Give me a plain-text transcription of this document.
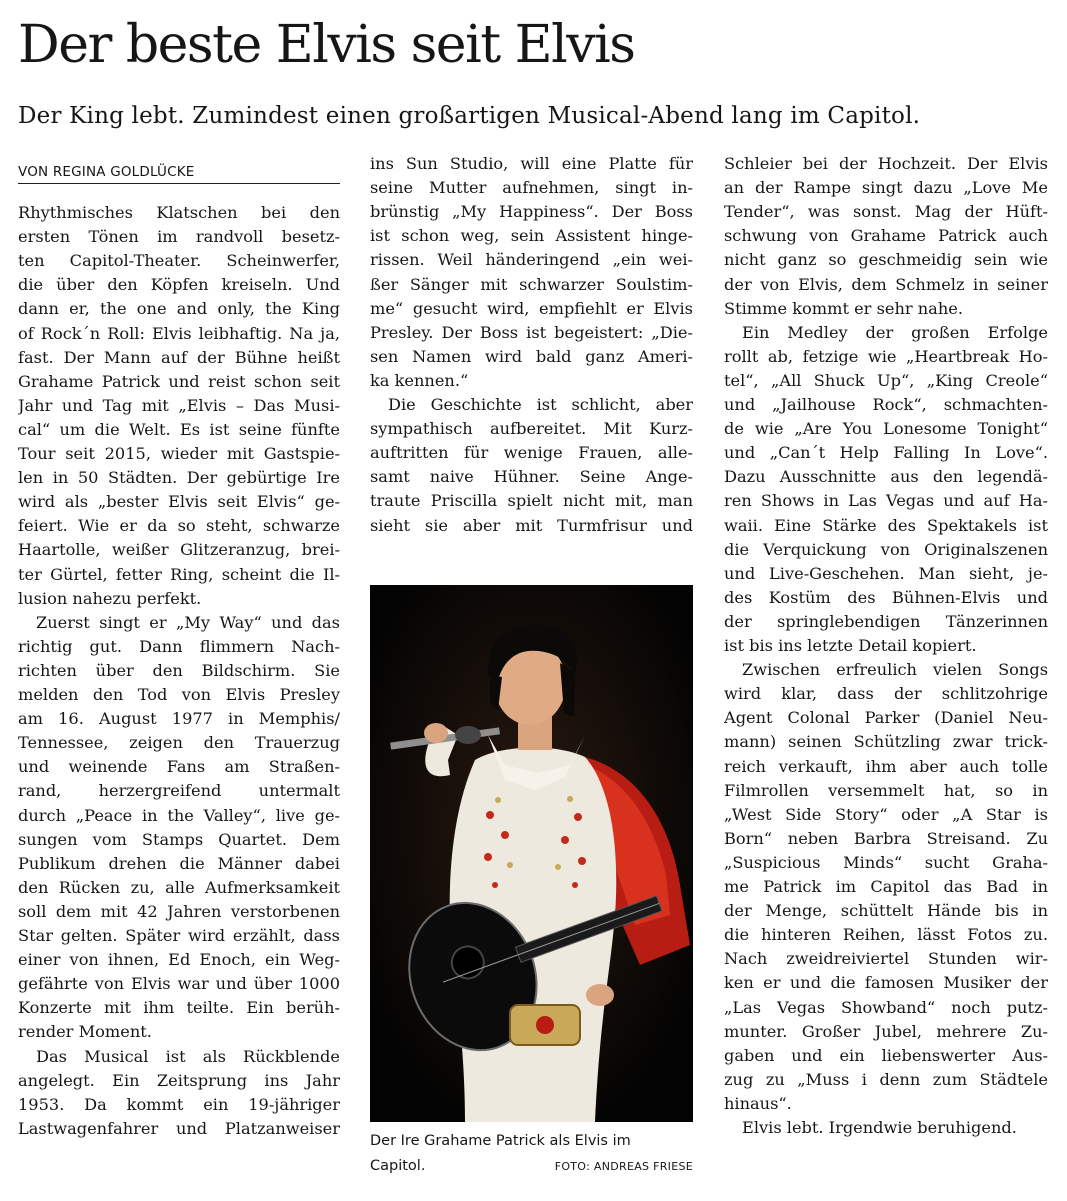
Der beste Elvis seit Elvis
Der King lebt. Zumindest einen großartigen Musical-Abend lang im Capitol.
VON REGINA GOLDLÜCKE
Rhythmisches Klatschen bei den
ersten Tönen im randvoll besetz-
ten Capitol-Theater. Scheinwerfer,
die über den Köpfen kreiseln. Und
dann er, the one and only, the King
of Rock´n Roll: Elvis leibhaftig. Na ja,
fast. Der Mann auf der Bühne heißt
Grahame Patrick und reist schon seit
Jahr und Tag mit „Elvis – Das Musi-
cal“ um die Welt. Es ist seine fünfte
Tour seit 2015, wieder mit Gastspie-
len in 50 Städten. Der gebürtige Ire
wird als „bester Elvis seit Elvis“ ge-
feiert. Wie er da so steht, schwarze
Haartolle, weißer Glitzeranzug, brei-
ter Gürtel, fetter Ring, scheint die Il-
lusion nahezu perfekt.
Zuerst singt er „My Way“ und das
richtig gut. Dann flimmern Nach-
richten über den Bildschirm. Sie
melden den Tod von Elvis Presley
am 16. August 1977 in Memphis/
Tennessee, zeigen den Trauerzug
und weinende Fans am Straßen-
rand, herzergreifend untermalt
durch „Peace in the Valley“, live ge-
sungen vom Stamps Quartet. Dem
Publikum drehen die Männer dabei
den Rücken zu, alle Aufmerksamkeit
soll dem mit 42 Jahren verstorbenen
Star gelten. Später wird erzählt, dass
einer von ihnen, Ed Enoch, ein Weg-
gefährte von Elvis war und über 1000
Konzerte mit ihm teilte. Ein berüh-
render Moment.
Das Musical ist als Rückblende
angelegt. Ein Zeitsprung ins Jahr
1953. Da kommt ein 19-jähriger
Lastwagenfahrer und Platzanweiser
ins Sun Studio, will eine Platte für
seine Mutter aufnehmen, singt in-
brünstig „My Happiness“. Der Boss
ist schon weg, sein Assistent hinge-
rissen. Weil händeringend „ein wei-
ßer Sänger mit schwarzer Soulstim-
me“ gesucht wird, empfiehlt er Elvis
Presley. Der Boss ist begeistert: „Die-
sen Namen wird bald ganz Ameri-
ka kennen.“
Die Geschichte ist schlicht, aber
sympathisch aufbereitet. Mit Kurz-
auftritten für wenige Frauen, alle-
samt naive Hühner. Seine Ange-
traute Priscilla spielt nicht mit, man
sieht sie aber mit Turmfrisur und
Schleier bei der Hochzeit. Der Elvis
an der Rampe singt dazu „Love Me
Tender“, was sonst. Mag der Hüft-
schwung von Grahame Patrick auch
nicht ganz so geschmeidig sein wie
der von Elvis, dem Schmelz in seiner
Stimme kommt er sehr nahe.
Ein Medley der großen Erfolge
rollt ab, fetzige wie „Heartbreak Ho-
tel“, „All Shuck Up“, „King Creole“
und „Jailhouse Rock“, schmachten-
de wie „Are You Lonesome Tonight“
und „Can´t Help Falling In Love“.
Dazu Ausschnitte aus den legendä-
ren Shows in Las Vegas und auf Ha-
waii. Eine Stärke des Spektakels ist
die Verquickung von Originalszenen
und Live-Geschehen. Man sieht, je-
des Kostüm des Bühnen-Elvis und
der springlebendigen Tänzerinnen
ist bis ins letzte Detail kopiert.
Zwischen erfreulich vielen Songs
wird klar, dass der schlitzohrige
Agent Colonal Parker (Daniel Neu-
mann) seinen Schützling zwar trick-
reich verkauft, ihm aber auch tolle
Filmrollen versemmelt hat, so in
„West Side Story“ oder „A Star is
Born“ neben Barbra Streisand. Zu
„Suspicious Minds“ sucht Graha-
me Patrick im Capitol das Bad in
der Menge, schüttelt Hände bis in
die hinteren Reihen, lässt Fotos zu.
Nach zweidreiviertel Stunden wir-
ken er und die famosen Musiker der
„Las Vegas Showband“ noch putz-
munter. Großer Jubel, mehrere Zu-
gaben und ein liebenswerter Aus-
zug zu „Muss i denn zum Städtele
hinaus“.
Elvis lebt. Irgendwie beruhigend.
Der Ire Grahame Patrick als Elvis im
Capitol.	FOTO: ANDREAS FRIESE
